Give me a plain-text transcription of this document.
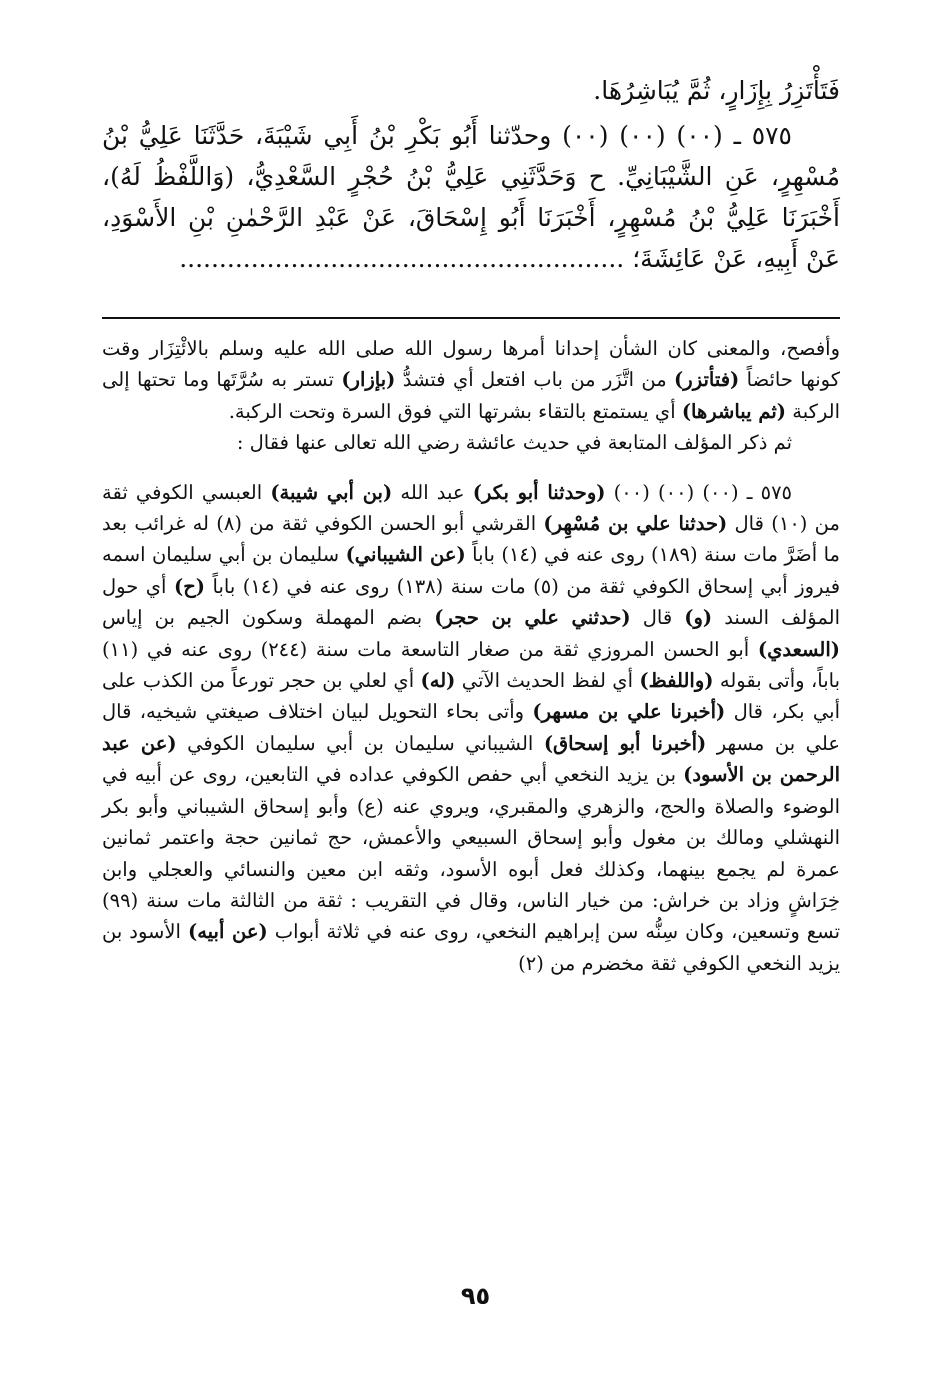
فَتَأْتَزِرُ بِإِزَارٍ، ثُمَّ يُبَاشِرُهَا.

٥٧٥ ـ (٠٠) (٠٠) (٠٠) وحدّثنا أَبُو بَكْرِ بْنُ أَبِي شَيْبَةَ، حَدَّثَنَا عَلِيُّ بْنُ مُسْهِرٍ، عَنِ الشَّيْبَانِيِّ. ح وَحَدَّثَنِي عَلِيُّ بْنُ حُجْرٍ السَّعْدِيُّ، (وَاللَّفْظُ لَهُ)، أَخْبَرَنَا عَلِيُّ بْنُ مُسْهِرٍ، أَخْبَرَنَا أَبُو إِسْحَاقَ، عَنْ عَبْدِ الرَّحْمٰنِ بْنِ الأَسْوَدِ، عَنْ أَبِيهِ، عَنْ عَائِشَةَ؛ ........................................................

وأفصح، والمعنى كان الشأن إحدانا أمرها رسول الله صلى الله عليه وسلم بالائْتِزَار وقت كونها حائضاً (فتأتزر) من اتَّزَر من باب افتعل أي فتشدُّ (بإزار) تستر به سُرَّتَها وما تحتها إلى الركبة (ثم يباشرها) أي يستمتع بالتقاء بشرتها التي فوق السرة وتحت الركبة.

ثم ذكر المؤلف المتابعة في حديث عائشة رضي الله تعالى عنها فقال :

٥٧٥ ـ (٠٠) (٠٠) (٠٠) (وحدثنا أبو بكر) عبد الله (بن أبي شيبة) العبسي الكوفي ثقة من (١٠) قال (حدثنا علي بن مُسْهِر) القرشي أبو الحسن الكوفي ثقة من (٨) له غرائب بعد ما أضَرَّ مات سنة (١٨٩) روى عنه في (١٤) باباً (عن الشيباني) سليمان بن أبي سليمان اسمه فيروز أبي إسحاق الكوفي ثقة من (٥) مات سنة (١٣٨) روى عنه في (١٤) باباً (ح) أي حول المؤلف السند (و) قال (حدثني علي بن حجر) بضم المهملة وسكون الجيم بن إياس (السعدي) أبو الحسن المروزي ثقة من صغار التاسعة مات سنة (٢٤٤) روى عنه في (١١) باباً، وأتى بقوله (واللفظ) أي لفظ الحديث الآتي (له) أي لعلي بن حجر تورعاً من الكذب على أبي بكر، قال (أخبرنا علي بن مسهر) وأتى بحاء التحويل لبيان اختلاف صيغتي شيخيه، قال علي بن مسهر (أخبرنا أبو إسحاق) الشيباني سليمان بن أبي سليمان الكوفي (عن عبد الرحمن بن الأسود) بن يزيد النخعي أبي حفص الكوفي عداده في التابعين، روى عن أبيه في الوضوء والصلاة والحج، والزهري والمقبري، ويروي عنه (ع) وأبو إسحاق الشيباني وأبو بكر النهشلي ومالك بن مغول وأبو إسحاق السبيعي والأعمش، حج ثمانين حجة واعتمر ثمانين عمرة لم يجمع بينهما، وكذلك فعل أبوه الأسود، وثقه ابن معين والنسائي والعجلي وابن خِرَاشٍ وزاد بن خراش: من خيار الناس، وقال في التقريب : ثقة من الثالثة مات سنة (٩٩) تسع وتسعين، وكان سِنُّه سن إبراهيم النخعي، روى عنه في ثلاثة أبواب (عن أبيه) الأسود بن يزيد النخعي الكوفي ثقة مخضرم من (٢)

٩٥
